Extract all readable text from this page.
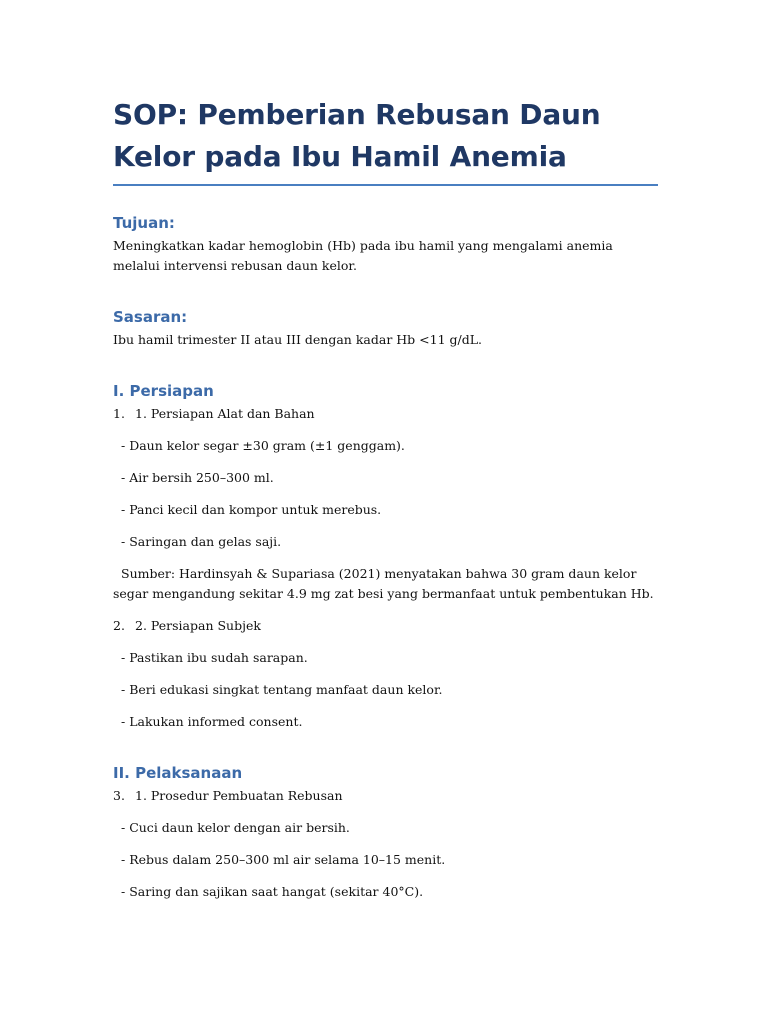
SOP: Pemberian Rebusan Daun Kelor pada Ibu Hamil Anemia
Tujuan:

Meningkatkan kadar hemoglobin (Hb) pada ibu hamil yang mengalami anemia melalui intervensi rebusan daun kelor.

Sasaran:

Ibu hamil trimester II atau III dengan kadar Hb <11 g/dL.

I. Persiapan

1. 1. Persiapan Alat dan Bahan

- Daun kelor segar ±30 gram (±1 genggam).

- Air bersih 250–300 ml.

- Panci kecil dan kompor untuk merebus.

- Saringan dan gelas saji.

Sumber: Hardinsyah & Supariasa (2021) menyatakan bahwa 30 gram daun kelor segar mengandung sekitar 4.9 mg zat besi yang bermanfaat untuk pembentukan Hb.

2. 2. Persiapan Subjek

- Pastikan ibu sudah sarapan.

- Beri edukasi singkat tentang manfaat daun kelor.

- Lakukan informed consent.

II. Pelaksanaan

3. 1. Prosedur Pembuatan Rebusan

- Cuci daun kelor dengan air bersih.

- Rebus dalam 250–300 ml air selama 10–15 menit.

- Saring dan sajikan saat hangat (sekitar 40°C).
